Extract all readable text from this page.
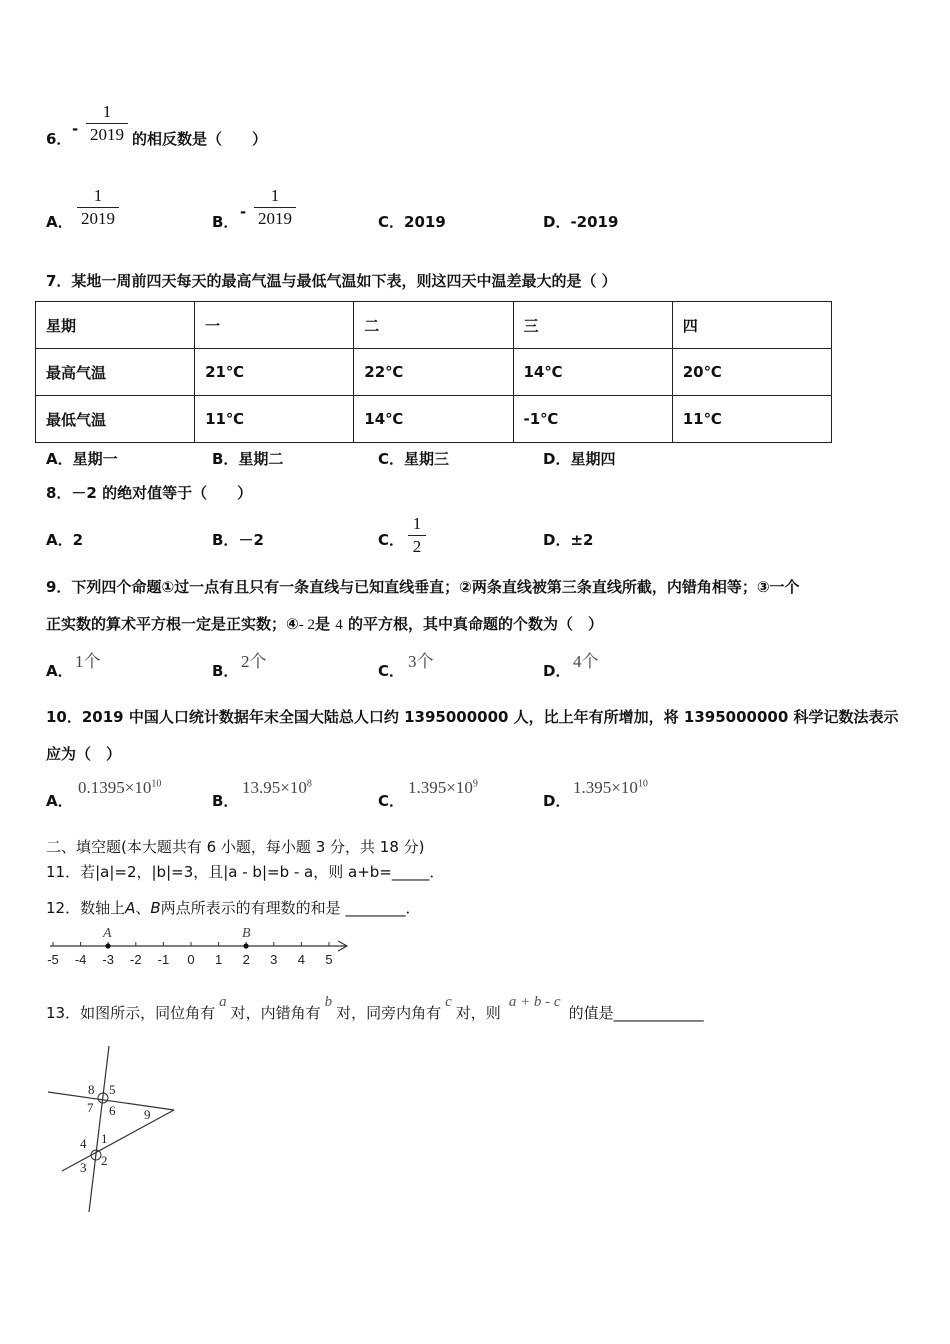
6．
-
1
2019 的相反数是（　　）
A．
1
2019	B．
-
1
2019	C．2019	D．-2019
7．某地一周前四天每天的最高气温与最低气温如下表，则这四天中温差最大的是（ ）
星期	一	二	三	四
最高气温	21℃	22℃	14℃	20℃
最低气温	11℃	14℃	-1℃	11℃
A．星期一	B．星期二	C．星期三	D．星期四
8．－2 的绝对值等于（　　）
A．2	B．－2	C．
1
2	D．±2
9．下列四个命题①过一点有且只有一条直线与已知直线垂直；②两条直线被第三条直线所截，内错角相等；③一个
正实数的算术平方根一定是正实数；④- 2是 4 的平方根，其中真命题的个数为（　）
A． 1个	B． 2个	C． 3个	D． 4个
10．2019 中国人口统计数据年末全国大陆总人口约 1395000000 人，比上年有所增加，将 1395000000 科学记数法表示
应为（　）
A．
$0.1395\times 10^{10}$
B．
$13.95\times 10^8$
C．
$1.395\times 10^9$
D．
$1.395\times 10^{10}$
二、填空题(本大题共有 6 小题，每小题 3 分，共 18 分)
11．若|a|=2，|b|=3，且|a - b|=b - a，则 a+b=_____．
12．数轴上A、B两点所表示的有理数的和是 ________．
-5 -4 -3 -2 -1 0 1 2 3 4 5
A	B
13．如图所示，同位角有a对，内错角有b对，同旁内角有c对，则a + b - c的值是____________
8 5
7 6 9
4 1
3 2
